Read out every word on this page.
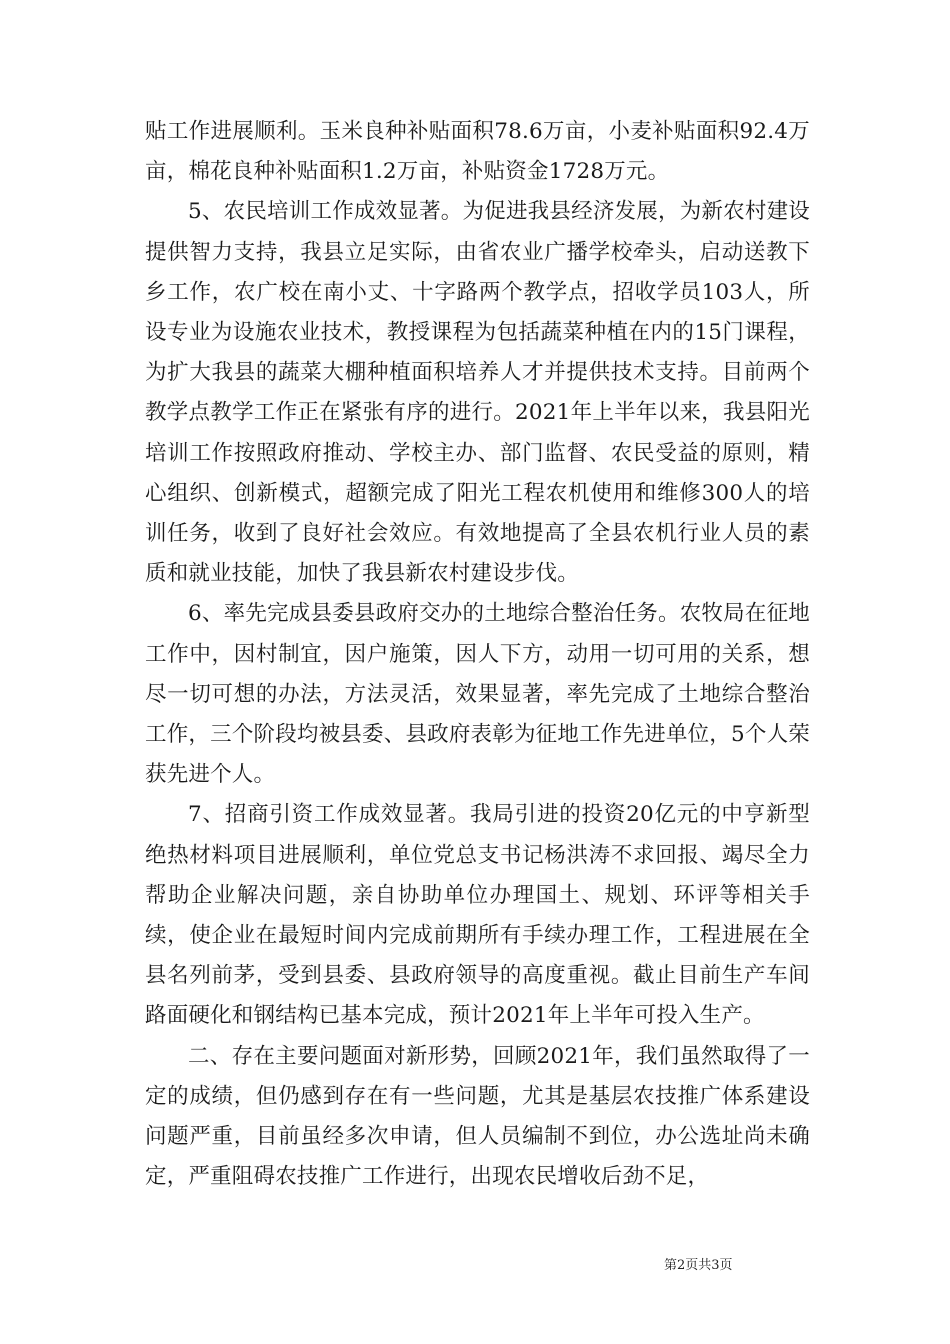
贴工作进展顺利。玉米良种补贴面积78.6万亩，小麦补贴面积92.4万亩，棉花良种补贴面积1.2万亩，补贴资金1728万元。

5、农民培训工作成效显著。为促进我县经济发展，为新农村建设提供智力支持，我县立足实际，由省农业广播学校牵头，启动送教下乡工作，农广校在南小丈、十字路两个教学点，招收学员103人，所设专业为设施农业技术，教授课程为包括蔬菜种植在内的15门课程，为扩大我县的蔬菜大棚种植面积培养人才并提供技术支持。目前两个教学点教学工作正在紧张有序的进行。2021年上半年以来，我县阳光培训工作按照政府推动、学校主办、部门监督、农民受益的原则，精心组织、创新模式，超额完成了阳光工程农机使用和维修300人的培训任务，收到了良好社会效应。有效地提高了全县农机行业人员的素质和就业技能，加快了我县新农村建设步伐。

6、率先完成县委县政府交办的土地综合整治任务。农牧局在征地工作中，因村制宜，因户施策，因人下方，动用一切可用的关系，想尽一切可想的办法，方法灵活，效果显著，率先完成了土地综合整治工作，三个阶段均被县委、县政府表彰为征地工作先进单位，5个人荣获先进个人。

7、招商引资工作成效显著。我局引进的投资20亿元的中亨新型绝热材料项目进展顺利，单位党总支书记杨洪涛不求回报、竭尽全力帮助企业解决问题，亲自协助单位办理国土、规划、环评等相关手续，使企业在最短时间内完成前期所有手续办理工作，工程进展在全县名列前茅，受到县委、县政府领导的高度重视。截止目前生产车间路面硬化和钢结构已基本完成，预计2021年上半年可投入生产。

二、存在主要问题面对新形势，回顾2021年，我们虽然取得了一定的成绩，但仍感到存在有一些问题，尤其是基层农技推广体系建设问题严重，目前虽经多次申请，但人员编制不到位，办公选址尚未确定，严重阻碍农技推广工作进行，出现农民增收后劲不足，

第2页共3页
